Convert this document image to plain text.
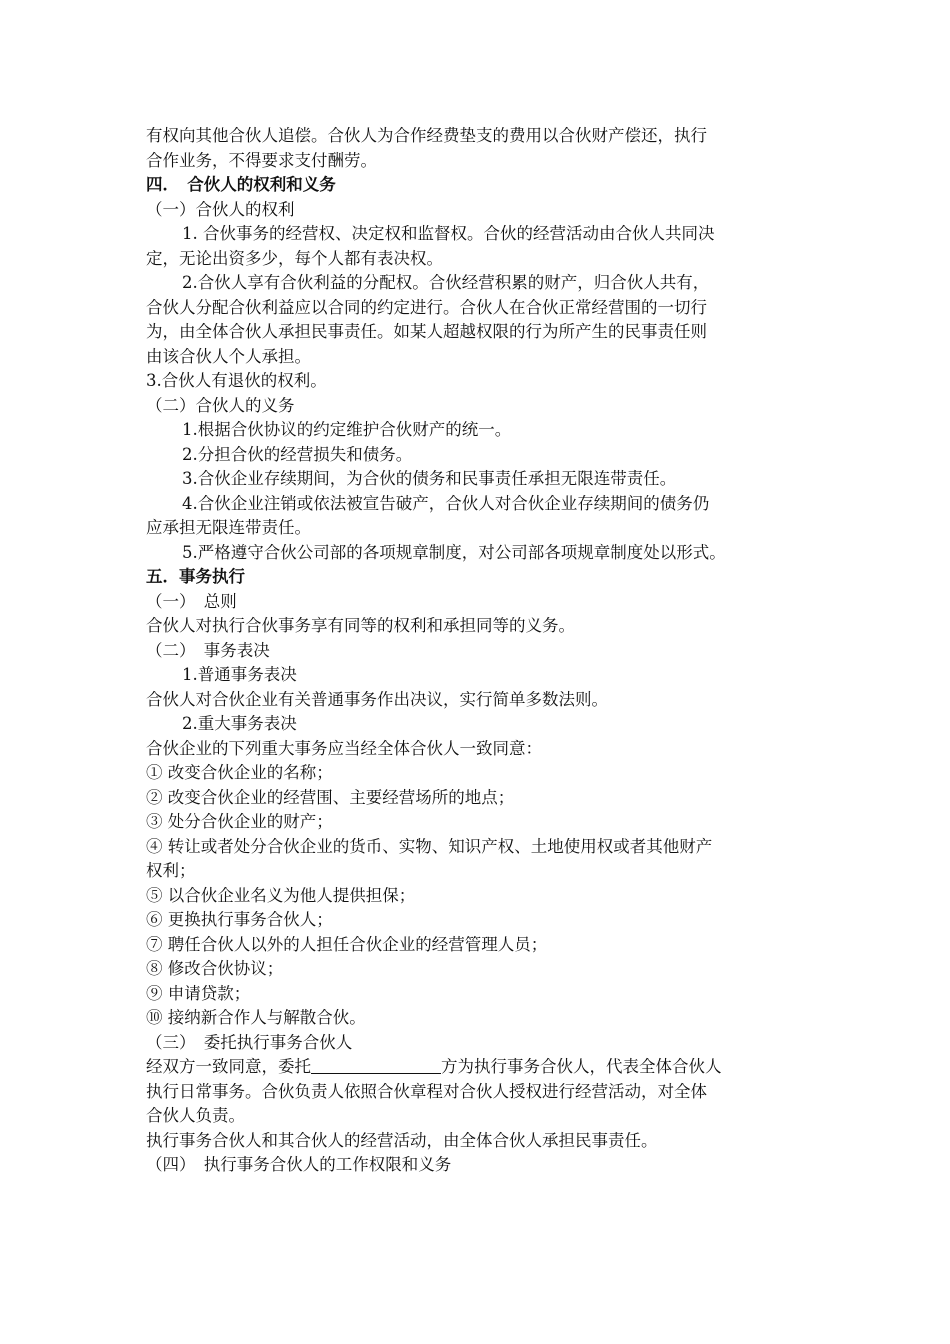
有权向其他合伙人追偿。合伙人为合作经费垫支的费用以合伙财产偿还，执行
合作业务，不得要求支付酬劳。
四．　合伙人的权利和义务
（一）合伙人的权利
1. 合伙事务的经营权、决定权和监督权。合伙的经营活动由合伙人共同决
定，无论出资多少，每个人都有表决权。
2.合伙人享有合伙利益的分配权。合伙经营积累的财产，归合伙人共有，
合伙人分配合伙利益应以合同的约定进行。合伙人在合伙正常经营围的一切行
为，由全体合伙人承担民事责任。如某人超越权限的行为所产生的民事责任则
由该合伙人个人承担。
3.合伙人有退伙的权利。
（二）合伙人的义务
1.根据合伙协议的约定维护合伙财产的统一。
2.分担合伙的经营损失和债务。
3.合伙企业存续期间，为合伙的债务和民事责任承担无限连带责任。
4.合伙企业注销或依法被宣告破产，合伙人对合伙企业存续期间的债务仍
应承担无限连带责任。
5.严格遵守合伙公司部的各项规章制度，对公司部各项规章制度处以形式。
五．事务执行
（一）　总则
合伙人对执行合伙事务享有同等的权利和承担同等的义务。
（二）　事务表决
1.普通事务表决
合伙人对合伙企业有关普通事务作出决议，实行简单多数法则。
2.重大事务表决
合伙企业的下列重大事务应当经全体合伙人一致同意：
① 改变合伙企业的名称；
② 改变合伙企业的经营围、主要经营场所的地点；
③ 处分合伙企业的财产；
④ 转让或者处分合伙企业的货币、实物、知识产权、土地使用权或者其他财产
权利；
⑤ 以合伙企业名义为他人提供担保；
⑥ 更换执行事务合伙人；
⑦ 聘任合伙人以外的人担任合伙企业的经营管理人员；
⑧ 修改合伙协议；
⑨ 申请贷款；
⑩ 接纳新合作人与解散合伙。
（三）　委托执行事务合伙人
经双方一致同意，委托	方为执行事务合伙人，代表全体合伙人
执行日常事务。合伙负责人依照合伙章程对合伙人授权进行经营活动，对全体
合伙人负责。
执行事务合伙人和其合伙人的经营活动，由全体合伙人承担民事责任。
（四）　执行事务合伙人的工作权限和义务
